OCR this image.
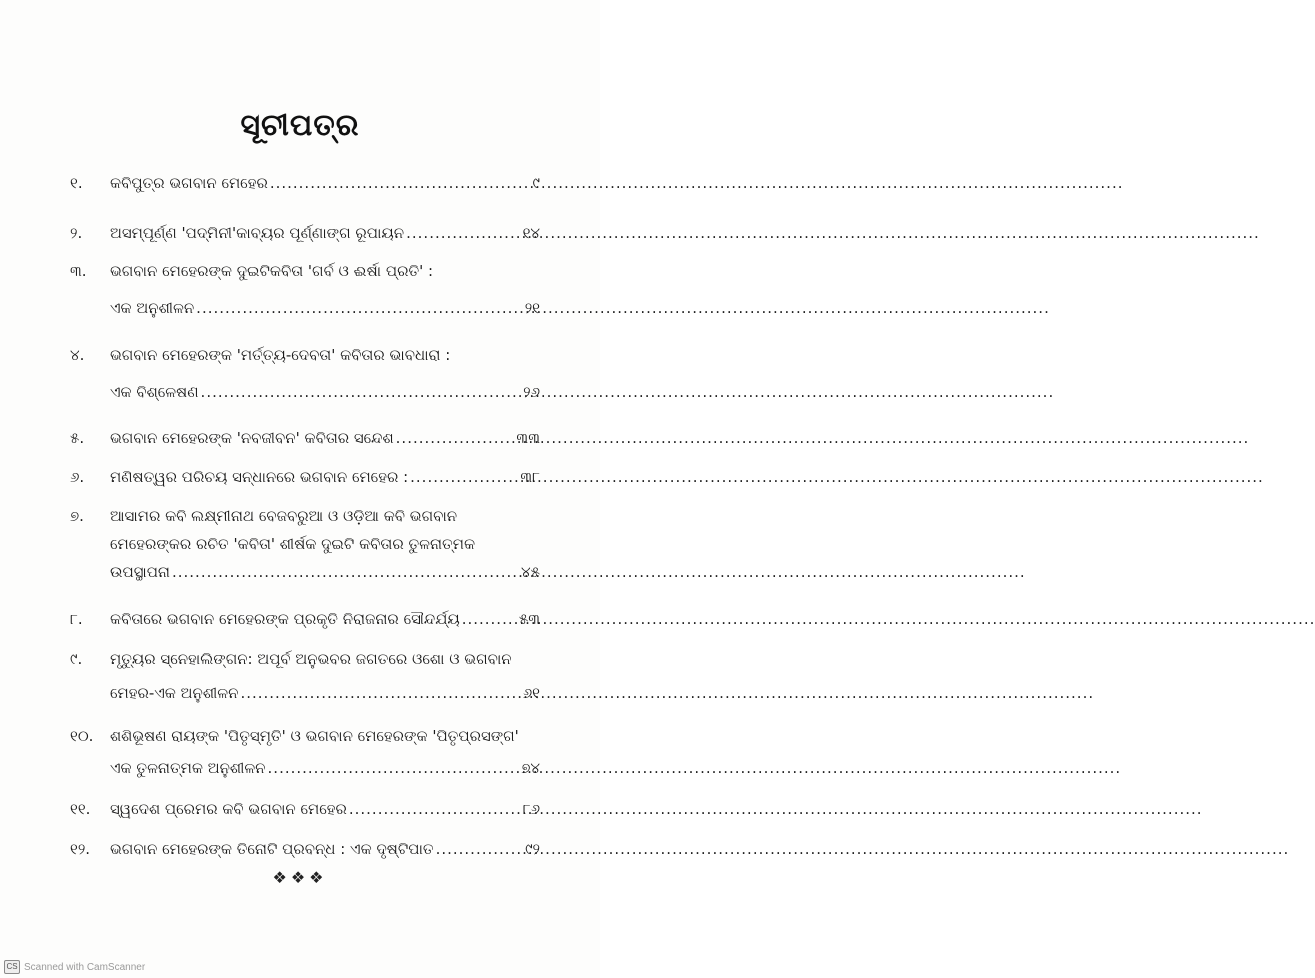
ସୂଚୀପତ୍ର
୧.	କବିପୁତ୍ର ଭଗବାନ ମେହେର .....	୯
୨.	ଅସମ୍ପୂର୍ଣ୍ଣ 'ପଦ୍ମିନୀ'କାବ୍ୟର ପୂର୍ଣ୍ଣାଙ୍ଗ ରୂପାୟନ .....	୧୪
୩.	ଭଗବାନ ମେହେରଙ୍କ ଦୁଇଟିକବିତା 'ଗର୍ବ ଓ ଈର୍ଷା ପ୍ରତି' :
ଏକ ଅନୁଶୀଳନ .....	୨୧
୪.	ଭଗବାନ ମେହେରଙ୍କ 'ମର୍ତ୍ତ୍ୟ-ଦେବତା' କବିତାର ଭାବଧାରା :
ଏକ ବିଶ୍ଳେଷଣ .....	୨୬
୫.	ଭଗବାନ ମେହେରଙ୍କ 'ନବଜୀବନ' କବିତାର ସନ୍ଦେଶ .....	୩୩
୬.	ମଣିଷତ୍ୱର ପରିଚୟ ସନ୍ଧାନରେ ଭଗବାନ ମେହେର : .....	୩୮
୭.	ଆସାମର କବି ଲକ୍ଷ୍ମୀନାଥ ବେଜବରୁଆ ଓ ଓଡ଼ିଆ କବି ଭଗବାନ
ମେହେରଙ୍କର ରଚିତ 'କବିତା' ଶୀର୍ଷକ ଦୁଇଟି କବିତାର ତୁଳନାତ୍ମକ
ଉପସ୍ଥାପନା .....	୪୫
୮.	କବିତାରେ ଭଗବାନ ମେହେରଙ୍କ ପ୍ରକୃତି ନିରାଜନାର ସୌନ୍ଦର୍ଯ୍ୟ .....	୫୩
୯.	ମୃତ୍ୟୁର ସ୍ନେହାଲିଙ୍ଗନ: ଅପୂର୍ବ ଅନୁଭବର ଜଗତରେ ଓଶୋ ଓ ଭଗବାନ
ମେହର-ଏକ ଅନୁଶୀଳନ .....	୬୧
୧୦.	ଶଶିଭୂଷଣ ରାୟଙ୍କ 'ପିତୃସ୍ମୃତି' ଓ ଭଗବାନ ମେହେରଙ୍କ 'ପିତୃପ୍ରସଙ୍ଗ'
ଏକ ତୁଳନାତ୍ମକ ଅନୁଶୀଳନ .....	୭୪
୧୧.	ସ୍ୱଦେଶ ପ୍ରେମର କବି ଭଗବାନ ମେହେର .....	୮୬
୧୨.	ଭଗବାନ ମେହେରଙ୍କ ତିନୋଟି ପ୍ରବନ୍ଧ : ଏକ ଦୃଷ୍ଟିପାତ .....	୯୨
❖❖❖
CS Scanned with CamScanner
